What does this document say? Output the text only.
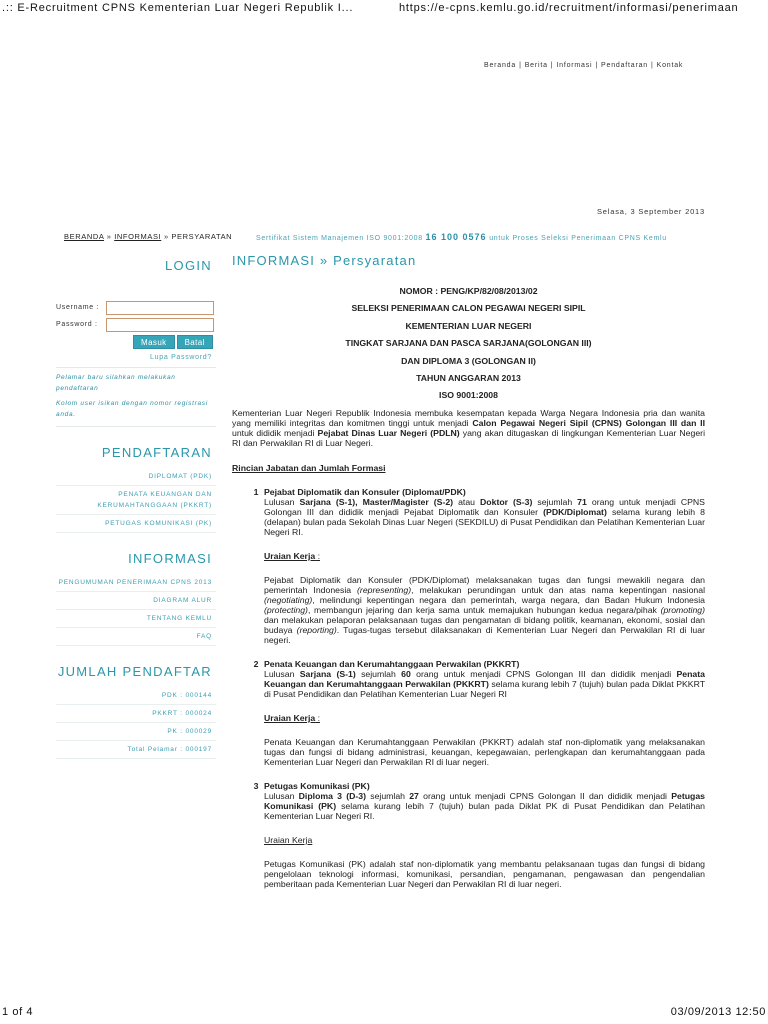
.:: E-Recruitment CPNS Kementerian Luar Negeri Republik I...	https://e-cpns.kemlu.go.id/recruitment/informasi/penerimaan
Beranda | Berita | Informasi | Pendaftaran | Kontak
Selasa, 3 September 2013
BERANDA » INFORMASI » PERSYARATAN	Sertifikat Sistem Manajemen ISO 9001:2008 16 100 0576 untuk Proses Seleksi Penerimaan CPNS Kemlu
LOGIN
Username :
Password :
Masuk	Batal
Lupa Password?
Pelamar baru silahkan melakukan pendaftaran
Kolom user isikan dengan nomor registrasi anda.
PENDAFTARAN
DIPLOMAT (PDK)
PENATA KEUANGAN DAN KERUMAHTANGGAAN (PKKRT)
PETUGAS KOMUNIKASI (PK)
INFORMASI
PENGUMUMAN PENERIMAAN CPNS 2013
DIAGRAM ALUR
TENTANG KEMLU
FAQ
JUMLAH PENDAFTAR
PDK : 000144
PKKRT : 000024
PK : 000029
Total Pelamar : 000197
INFORMASI » Persyaratan

NOMOR : PENG/KP/82/08/2013/02

SELEKSI PENERIMAAN CALON PEGAWAI NEGERI SIPIL

KEMENTERIAN LUAR NEGERI

TINGKAT SARJANA DAN PASCA SARJANA(GOLONGAN III)

DAN DIPLOMA 3 (GOLONGAN II)

TAHUN ANGGARAN 2013

ISO 9001:2008

Kementerian Luar Negeri Republik Indonesia membuka kesempatan kepada Warga Negara Indonesia pria dan wanita yang memiliki integritas dan komitmen tinggi untuk menjadi Calon Pegawai Negeri Sipil (CPNS) Golongan III dan II untuk dididik menjadi Pejabat Dinas Luar Negeri (PDLN) yang akan ditugaskan di lingkungan Kementerian Luar Negeri RI dan Perwakilan RI di Luar Negeri.

Rincian Jabatan dan Jumlah Formasi
1 Pejabat Diplomatik dan Konsuler (Diplomat/PDK)

Lulusan Sarjana (S-1), Master/Magister (S-2) atau Doktor (S-3) sejumlah 71 orang untuk menjadi CPNS Golongan III dan dididik menjadi Pejabat Diplomatik dan Konsuler (PDK/Diplomat) selama kurang lebih 8 (delapan) bulan pada Sekolah Dinas Luar Negeri (SEKDILU) di Pusat Pendidikan dan Pelatihan Kementerian Luar Negeri RI.

Uraian Kerja :

Pejabat Diplomatik dan Konsuler (PDK/Diplomat) melaksanakan tugas dan fungsi mewakili negara dan pemerintah Indonesia (representing), melakukan perundingan untuk dan atas nama kepentingan nasional (negotiating), melindungi kepentingan negara dan pemerintah, warga negara, dan Badan Hukum Indonesia (protecting), membangun jejaring dan kerja sama untuk memajukan hubungan kedua negara/pihak (promoting) dan melakukan pelaporan pelaksanaan tugas dan pengamatan di bidang politik, keamanan, ekonomi, sosial dan budaya (reporting). Tugas-tugas tersebut dilaksanakan di Kementerian Luar Negeri dan Perwakilan RI di luar negeri.

2 Penata Keuangan dan Kerumahtanggaan Perwakilan (PKKRT)

Lulusan Sarjana (S-1) sejumlah 60 orang untuk menjadi CPNS Golongan III dan dididik menjadi Penata Keuangan dan Kerumahtanggaan Perwakilan (PKKRT) selama kurang lebih 7 (tujuh) bulan pada Diklat PKKRT di Pusat Pendidikan dan Pelatihan Kementerian Luar Negeri RI

Uraian Kerja :

Penata Keuangan dan Kerumahtanggaan Perwakilan (PKKRT) adalah staf non-diplomatik yang melaksanakan tugas dan fungsi di bidang administrasi, keuangan, kepegawaian, perlengkapan dan kerumahtanggaan pada Kementerian Luar Negeri dan Perwakilan RI di luar negeri.

3 Petugas Komunikasi (PK)

Lulusan Diploma 3 (D-3) sejumlah 27 orang untuk menjadi CPNS Golongan II dan dididik menjadi Petugas Komunikasi (PK) selama kurang lebih 7 (tujuh) bulan pada Diklat PK di Pusat Pendidikan dan Pelatihan Kementerian Luar Negeri RI.

Uraian Kerja

Petugas Komunikasi (PK) adalah staf non-diplomatik yang membantu pelaksanaan tugas dan fungsi di bidang pengelolaan teknologi informasi, komunikasi, persandian, pengamanan, pengawasan dan pengendalian pemberitaan pada Kementerian Luar Negeri dan Perwakilan RI di luar negeri.

1 of 4	03/09/2013 12:50
